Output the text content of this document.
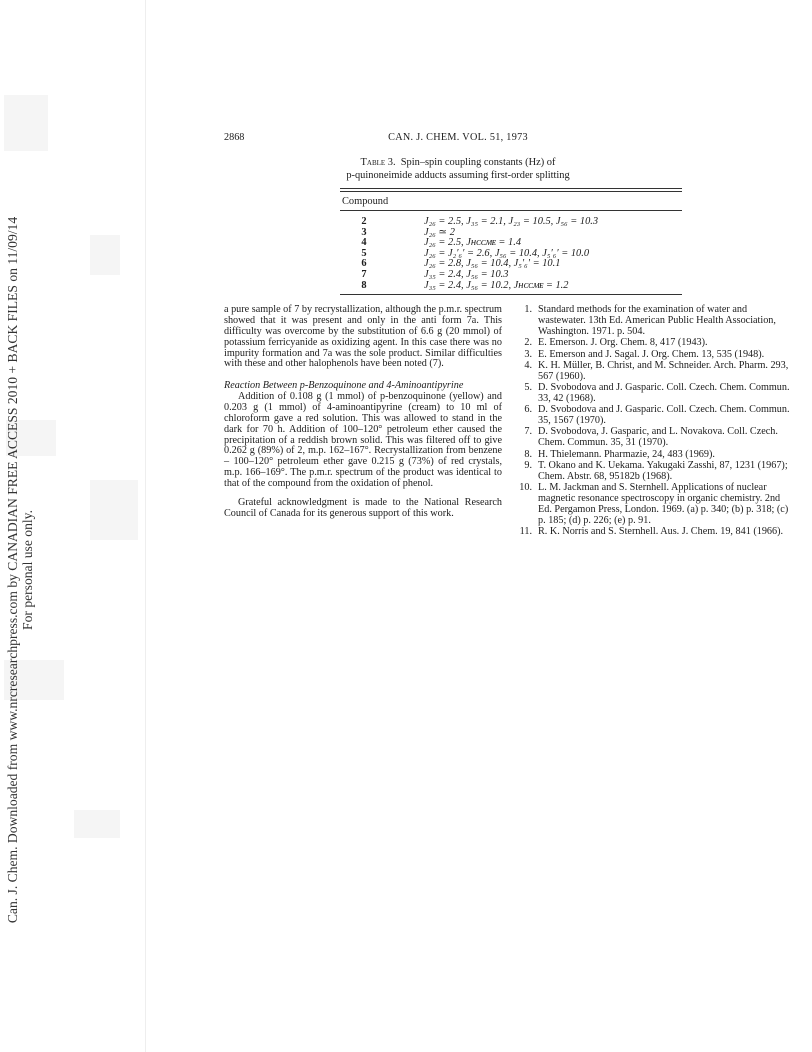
Can. J. Chem. Downloaded from www.nrcresearchpress.com by CANADIAN FREE ACCESS 2010 + BACK FILES on 11/09/14 For personal use only.
2868	CAN. J. CHEM. VOL. 51, 1973
Table 3. Spin–spin coupling constants (Hz) of
p-quinoneimide adducts assuming first-order splitting
Compound
2	J₂₆ = 2.5, J₃₅ = 2.1, J₂₃ = 10.5, J₅₆ = 10.3
3	J₂₆ ≃ 2
4	J₂₆ = 2.5, Jʜᴄᴄᴍᴇ = 1.4
5	J₂₆ = J₂′₆′ = 2.6, J₅₆ = 10.4, J₅′₆′ = 10.0
6	J₂₆ = 2.8, J₅₆ = 10.4, J₅′₆′ = 10.1
7	J₃₅ = 2.4, J₅₆ = 10.3
8	J₃₅ = 2.4, J₅₆ = 10.2, Jʜᴄᴄᴍᴇ = 1.2

a pure sample of 7 by recrystallization, although the p.m.r. spectrum showed that it was present and only in the anti form 7a. This difficulty was overcome by the substitution of 6.6 g (20 mmol) of potassium ferricyanide as oxidizing agent. In this case there was no impurity formation and 7a was the sole product. Similar difficulties with these and other halophenols have been noted (7).

Reaction Between p-Benzoquinone and 4-Aminoantipyrine

Addition of 0.108 g (1 mmol) of p-benzoquinone (yellow) and 0.203 g (1 mmol) of 4-aminoantipyrine (cream) to 10 ml of chloroform gave a red solution. This was allowed to stand in the dark for 70 h. Addition of 100–120° petroleum ether caused the precipitation of a reddish brown solid. This was filtered off to give 0.262 g (89%) of 2, m.p. 162–167°. Recrystallization from benzene – 100–120° petroleum ether gave 0.215 g (73%) of red crystals, m.p. 166–169°. The p.m.r. spectrum of the product was identical to that of the compound from the oxidation of phenol.

Grateful acknowledgment is made to the National Research Council of Canada for its generous support of this work.

1. Standard methods for the examination of water and wastewater. 13th Ed. American Public Health Association, Washington. 1971. p. 504.
2. E. Emerson. J. Org. Chem. 8, 417 (1943).
3. E. Emerson and J. Sagal. J. Org. Chem. 13, 535 (1948).
4. K. H. Müller, B. Christ, and M. Schneider. Arch. Pharm. 293, 567 (1960).
5. D. Svobodova and J. Gasparic. Coll. Czech. Chem. Commun. 33, 42 (1968).
6. D. Svobodova and J. Gasparic. Coll. Czech. Chem. Commun. 35, 1567 (1970).
7. D. Svobodova, J. Gasparic, and L. Novakova. Coll. Czech. Chem. Commun. 35, 31 (1970).
8. H. Thielemann. Pharmazie, 24, 483 (1969).
9. T. Okano and K. Uekama. Yakugaki Zasshi, 87, 1231 (1967); Chem. Abstr. 68, 95182b (1968).
10. L. M. Jackman and S. Sternhell. Applications of nuclear magnetic resonance spectroscopy in organic chemistry. 2nd Ed. Pergamon Press, London. 1969. (a) p. 340; (b) p. 318; (c) p. 185; (d) p. 226; (e) p. 91.
11. R. K. Norris and S. Sternhell. Aus. J. Chem. 19, 841 (1966).
